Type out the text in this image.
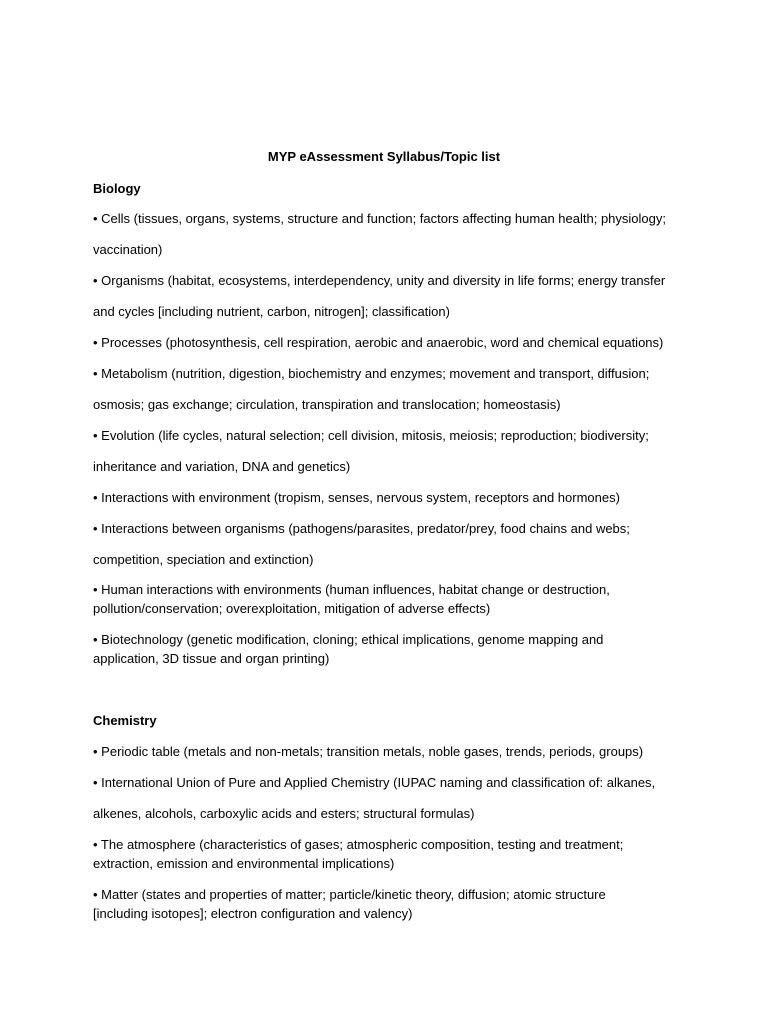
MYP eAssessment Syllabus/Topic list
Biology
• Cells (tissues, organs, systems, structure and function; factors affecting human health; physiology;
vaccination)
• Organisms (habitat, ecosystems, interdependency, unity and diversity in life forms; energy transfer
and cycles [including nutrient, carbon, nitrogen]; classification)
• Processes (photosynthesis, cell respiration, aerobic and anaerobic, word and chemical equations)
• Metabolism (nutrition, digestion, biochemistry and enzymes; movement and transport, diffusion;
osmosis; gas exchange; circulation, transpiration and translocation; homeostasis)
• Evolution (life cycles, natural selection; cell division, mitosis, meiosis; reproduction; biodiversity;
inheritance and variation, DNA and genetics)
• Interactions with environment (tropism, senses, nervous system, receptors and hormones)
• Interactions between organisms (pathogens/parasites, predator/prey, food chains and webs;
competition, speciation and extinction)
• Human interactions with environments (human influences, habitat change or destruction,
pollution/conservation; overexploitation, mitigation of adverse effects)
• Biotechnology (genetic modification, cloning; ethical implications, genome mapping and
application, 3D tissue and organ printing)
Chemistry
• Periodic table (metals and non-metals; transition metals, noble gases, trends, periods, groups)
• International Union of Pure and Applied Chemistry (IUPAC naming and classification of: alkanes,
alkenes, alcohols, carboxylic acids and esters; structural formulas)
• The atmosphere (characteristics of gases; atmospheric composition, testing and treatment;
extraction, emission and environmental implications)
• Matter (states and properties of matter; particle/kinetic theory, diffusion; atomic structure
[including isotopes]; electron configuration and valency)
